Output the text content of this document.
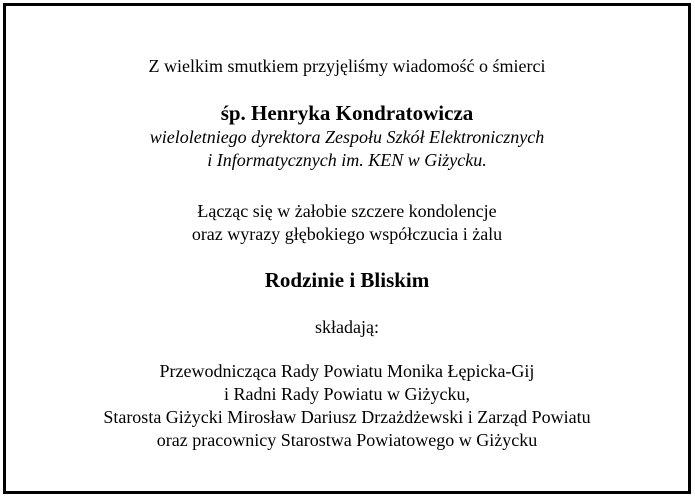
Z wielkim smutkiem przyjęliśmy wiadomość o śmierci
śp. Henryka Kondratowicza
wieloletniego dyrektora Zespołu Szkół Elektronicznych
i Informatycznych im. KEN w Giżycku.
Łącząc się w żałobie szczere kondolencje
oraz wyrazy głębokiego współczucia i żalu
Rodzinie i Bliskim
składają:
Przewodnicząca Rady Powiatu Monika Łępicka-Gij
i Radni Rady Powiatu w Giżycku,
Starosta Giżycki Mirosław Dariusz Drzażdżewski i Zarząd Powiatu
oraz pracownicy Starostwa Powiatowego w Giżycku
